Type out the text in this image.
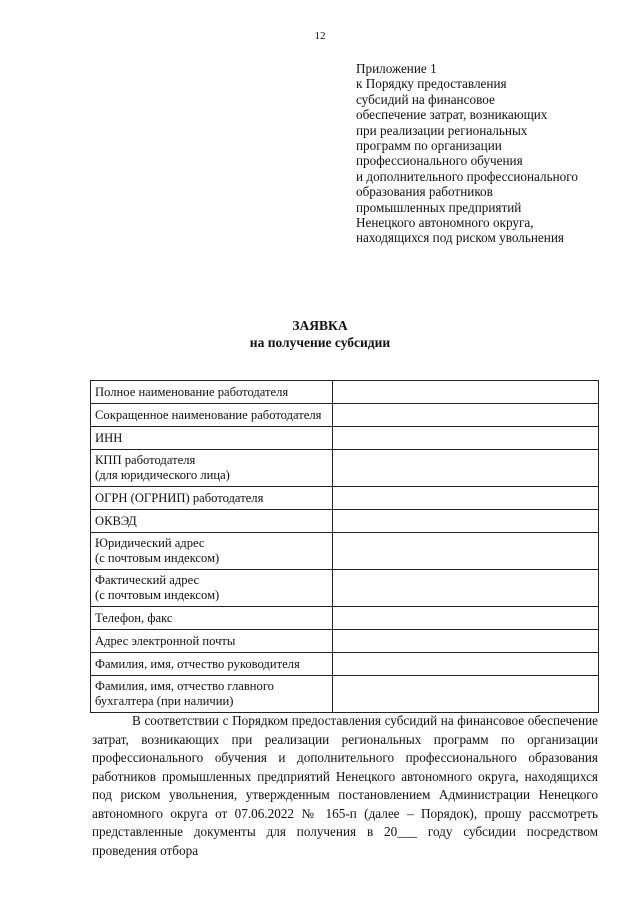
12
Приложение 1
к Порядку предоставления
субсидий на финансовое
обеспечение затрат, возникающих
при реализации региональных
программ по организации
профессионального обучения
и дополнительного профессионального
образования работников
промышленных предприятий
Ненецкого автономного округа,
находящихся под риском увольнения
ЗАЯВКА
на получение субсидии
Полное наименование работодателя	

Сокращенное наименование работодателя	

ИНН	

КПП работодателя
(для юридического лица)	

ОГРН (ОГРНИП) работодателя	

ОКВЭД	

Юридический адрес
(с почтовым индексом)	

Фактический адрес
(с почтовым индексом)	

Телефон, факс	

Адрес электронной почты	

Фамилия, имя, отчество руководителя	

Фамилия, имя, отчество главного
бухгалтера (при наличии)	

В соответствии с Порядком предоставления субсидий на финансовое обеспечение затрат, возникающих при реализации региональных программ по организации профессионального обучения и дополнительного профессионального образования работников промышленных предприятий Ненецкого автономного округа, находящихся под риском увольнения, утвержденным постановлением Администрации Ненецкого автономного округа от 07.06.2022 № 165-п (далее – Порядок), прошу рассмотреть представленные документы для получения в 20___ году субсидии посредством проведения отбора
